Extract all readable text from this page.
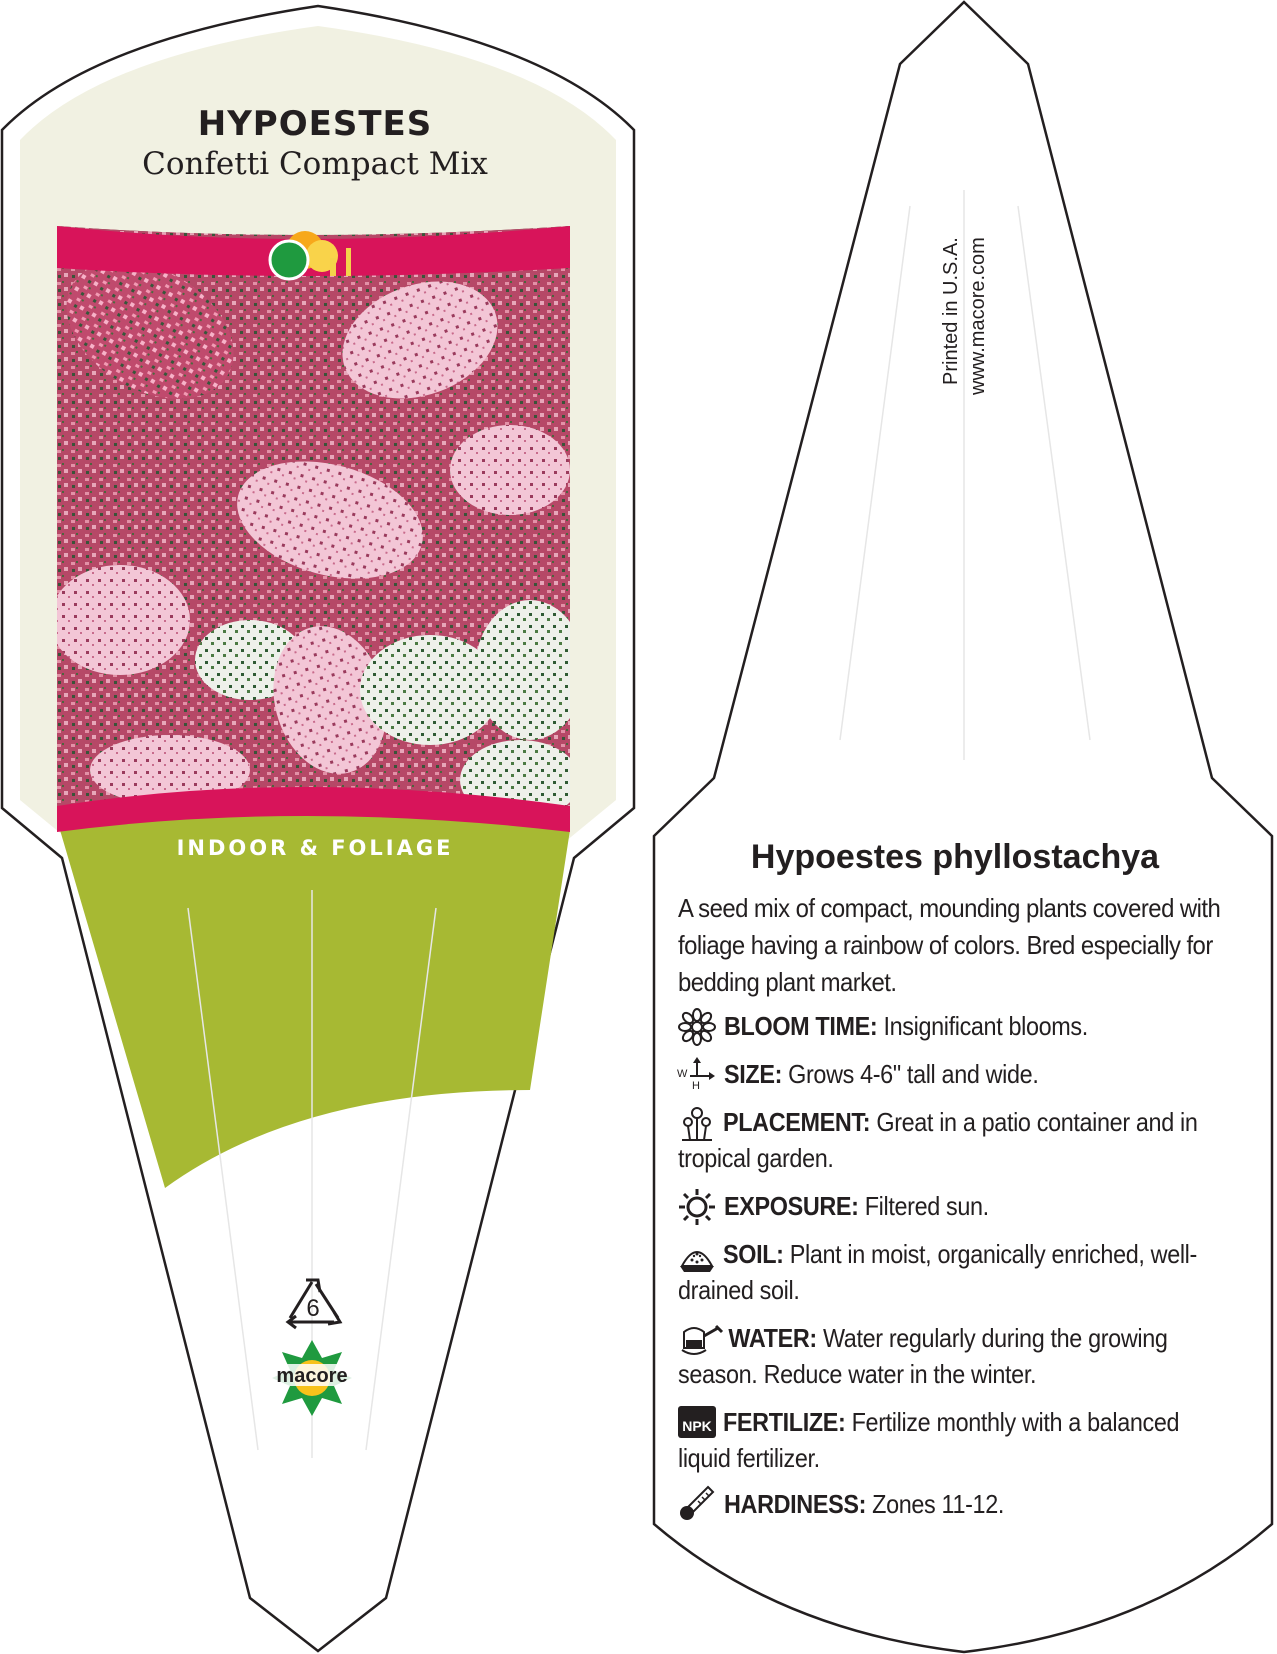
6
macore
HYPOESTES
Confetti Compact Mix
INDOOR & FOLIAGE
Printed in U.S.A. www.macore.com
Hypoestes phyllostachya
A seed mix of compact, mounding plants covered with foliage having a rainbow of colors. Bred especially for bedding plant market.
BLOOM TIME: Insignificant blooms.
W
H SIZE: Grows 4-6" tall and wide.
PLACEMENT: Great in a patio container and in tropical garden.
EXPOSURE: Filtered sun.
SOIL: Plant in moist, organically enriched, well-drained soil.
WATER: Water regularly during the growing season. Reduce water in the winter.
NPK FERTILIZE: Fertilize monthly with a balanced liquid fertilizer.
HARDINESS: Zones 11-12.
